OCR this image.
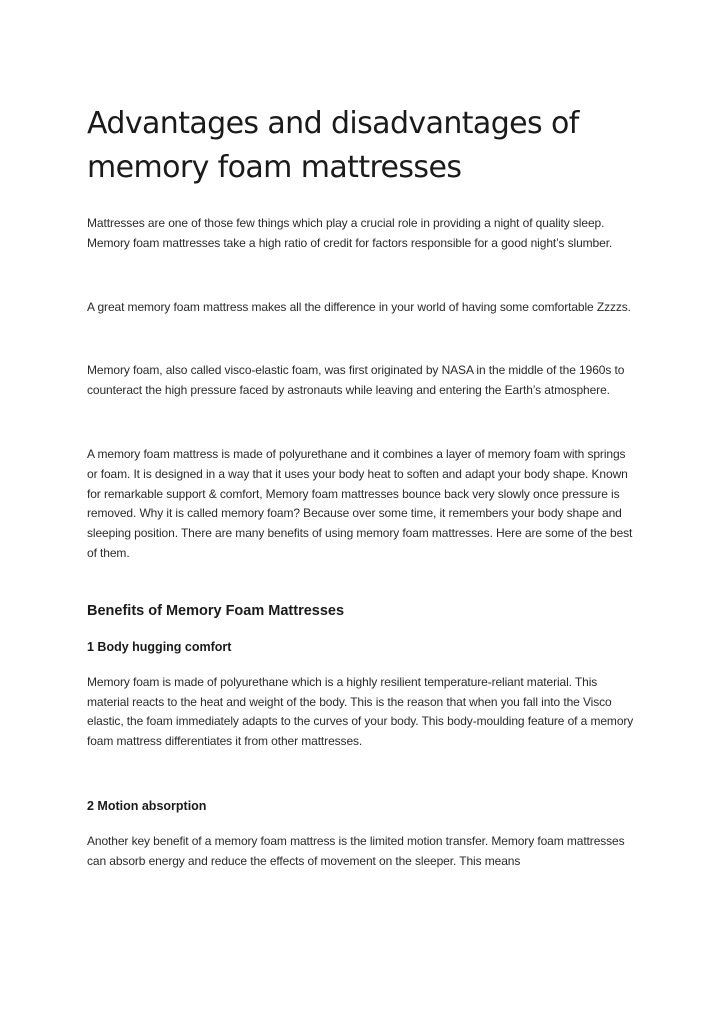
Advantages and disadvantages of memory foam mattresses

Mattresses are one of those few things which play a crucial role in providing a night of quality sleep. Memory foam mattresses take a high ratio of credit for factors responsible for a good night’s slumber.

A great memory foam mattress makes all the difference in your world of having some comfortable Zzzzs.

Memory foam, also called visco-elastic foam, was first originated by NASA in the middle of the 1960s to counteract the high pressure faced by astronauts while leaving and entering the Earth’s atmosphere.

A memory foam mattress is made of polyurethane and it combines a layer of memory foam with springs or foam. It is designed in a way that it uses your body heat to soften and adapt your body shape. Known for remarkable support & comfort, Memory foam mattresses bounce back very slowly once pressure is removed. Why it is called memory foam? Because over some time, it remembers your body shape and sleeping position. There are many benefits of using memory foam mattresses. Here are some of the best of them.

Benefits of Memory Foam Mattresses
1 Body hugging comfort

Memory foam is made of polyurethane which is a highly resilient temperature-reliant material. This material reacts to the heat and weight of the body. This is the reason that when you fall into the Visco elastic, the foam immediately adapts to the curves of your body. This body-moulding feature of a memory foam mattress differentiates it from other mattresses.

2 Motion absorption

Another key benefit of a memory foam mattress is the limited motion transfer. Memory foam mattresses can absorb energy and reduce the effects of movement on the sleeper. This means
